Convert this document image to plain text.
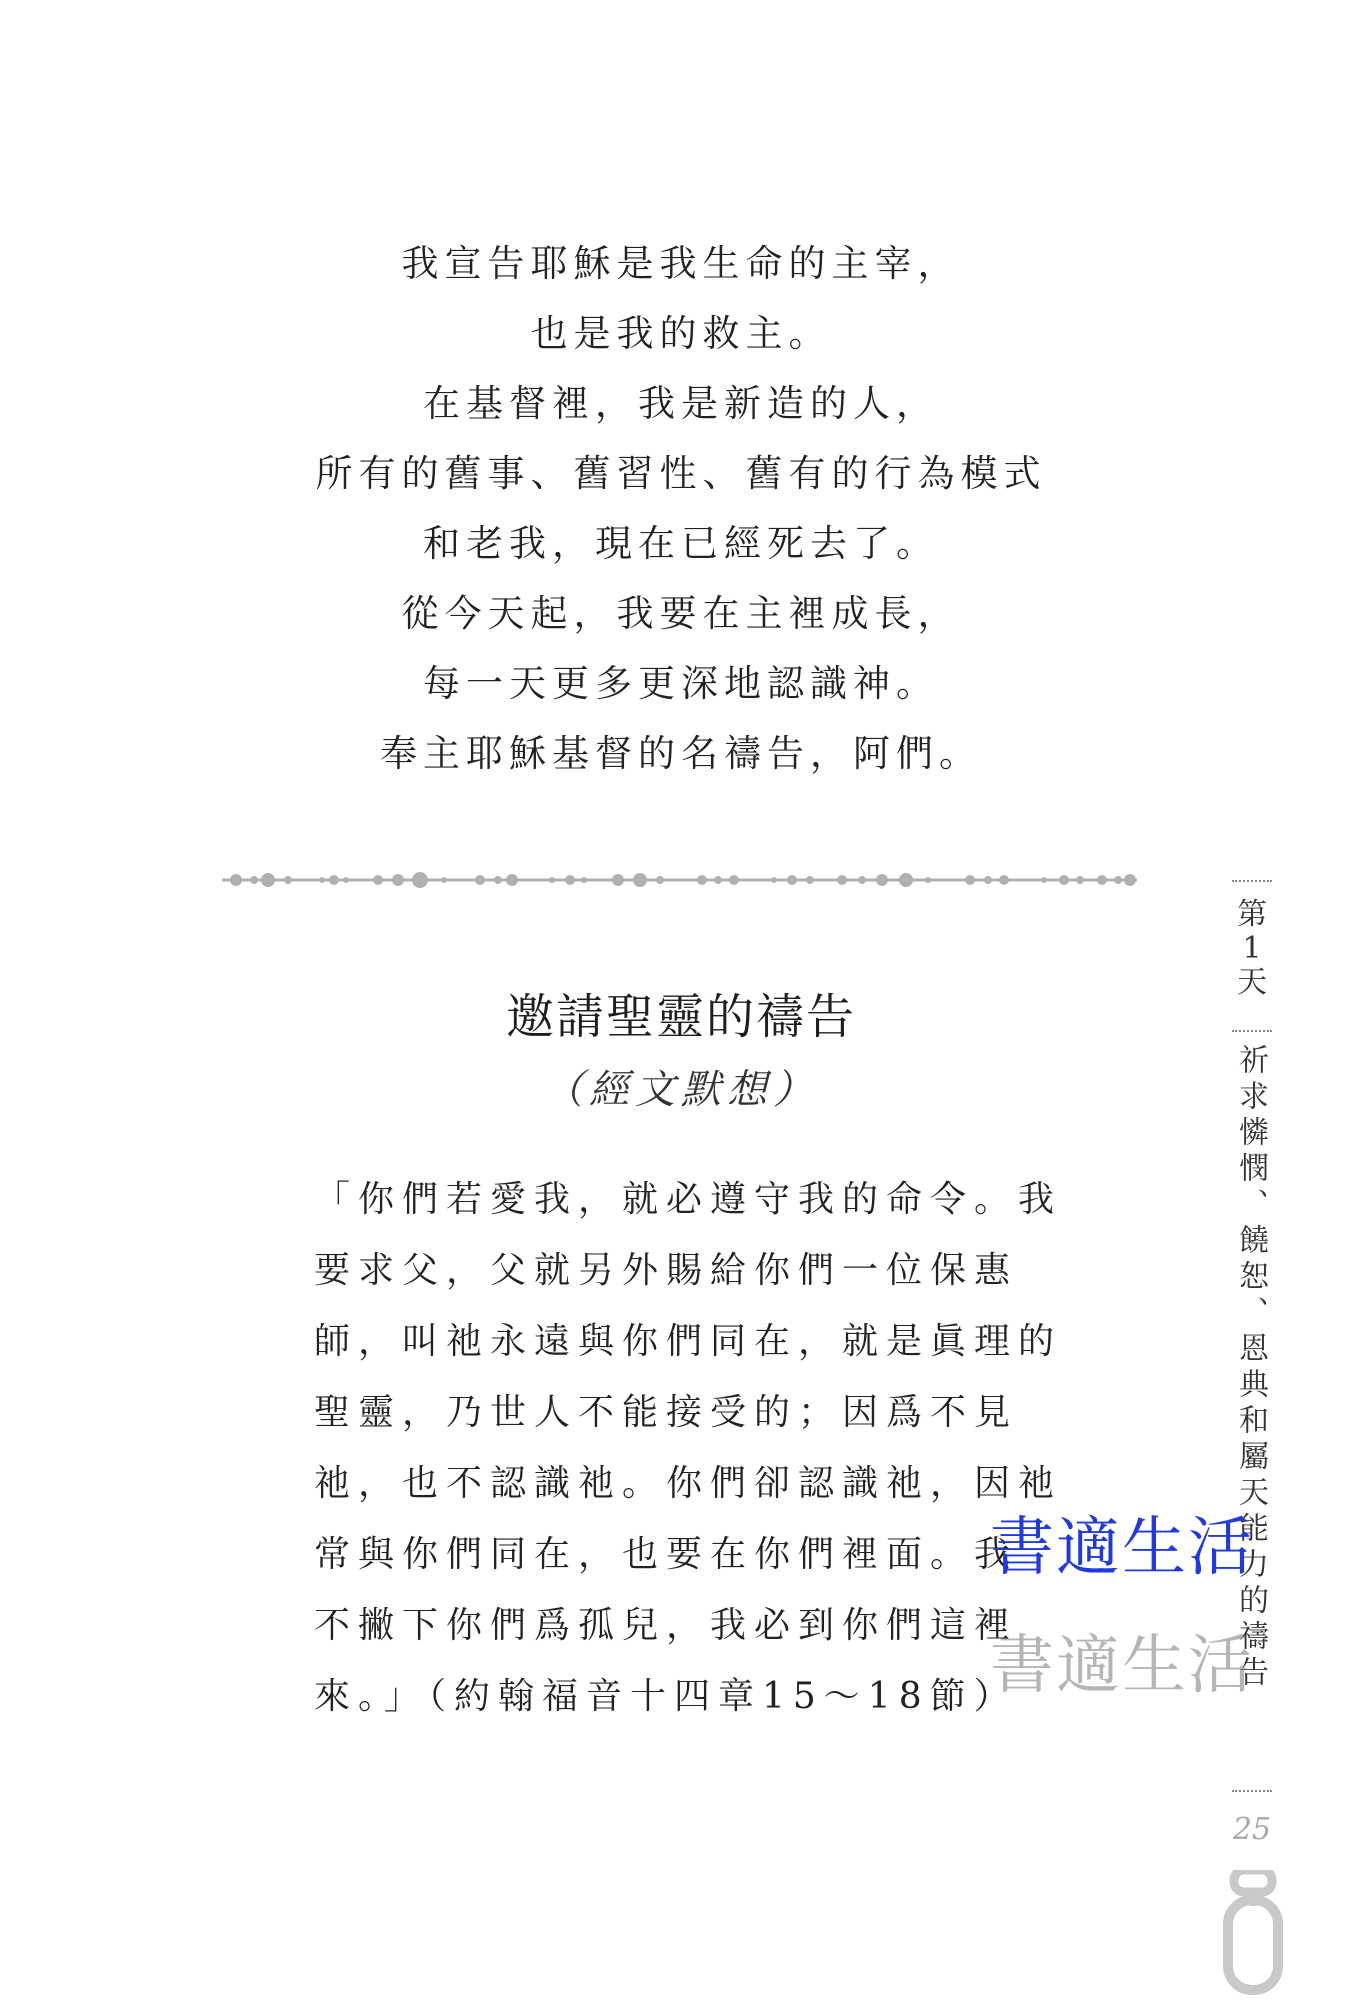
我宣告耶穌是我生命的主宰，
也是我的救主。
在基督裡，我是新造的人，
所有的舊事、舊習性、舊有的行為模式
和老我，現在已經死去了。
從今天起，我要在主裡成長，
每一天更多更深地認識神。
奉主耶穌基督的名禱告，阿們。
邀請聖靈的禱告
（經文默想）
「你們若愛我，就必遵守我的命令。我
要求父，父就另外賜給你們一位保惠
師，叫祂永遠與你們同在，就是眞理的
聖靈，乃世人不能接受的；因爲不見
祂，也不認識祂。你們卻認識祂，因祂
常與你們同在，也要在你們裡面。我
不撇下你們爲孤兒，我必到你們這裡
來。」（約翰福音十四章15～18節）
第
1
天
祈求憐憫、饒恕、恩典和屬天能力的禱告
25
書適生活
書適生活
